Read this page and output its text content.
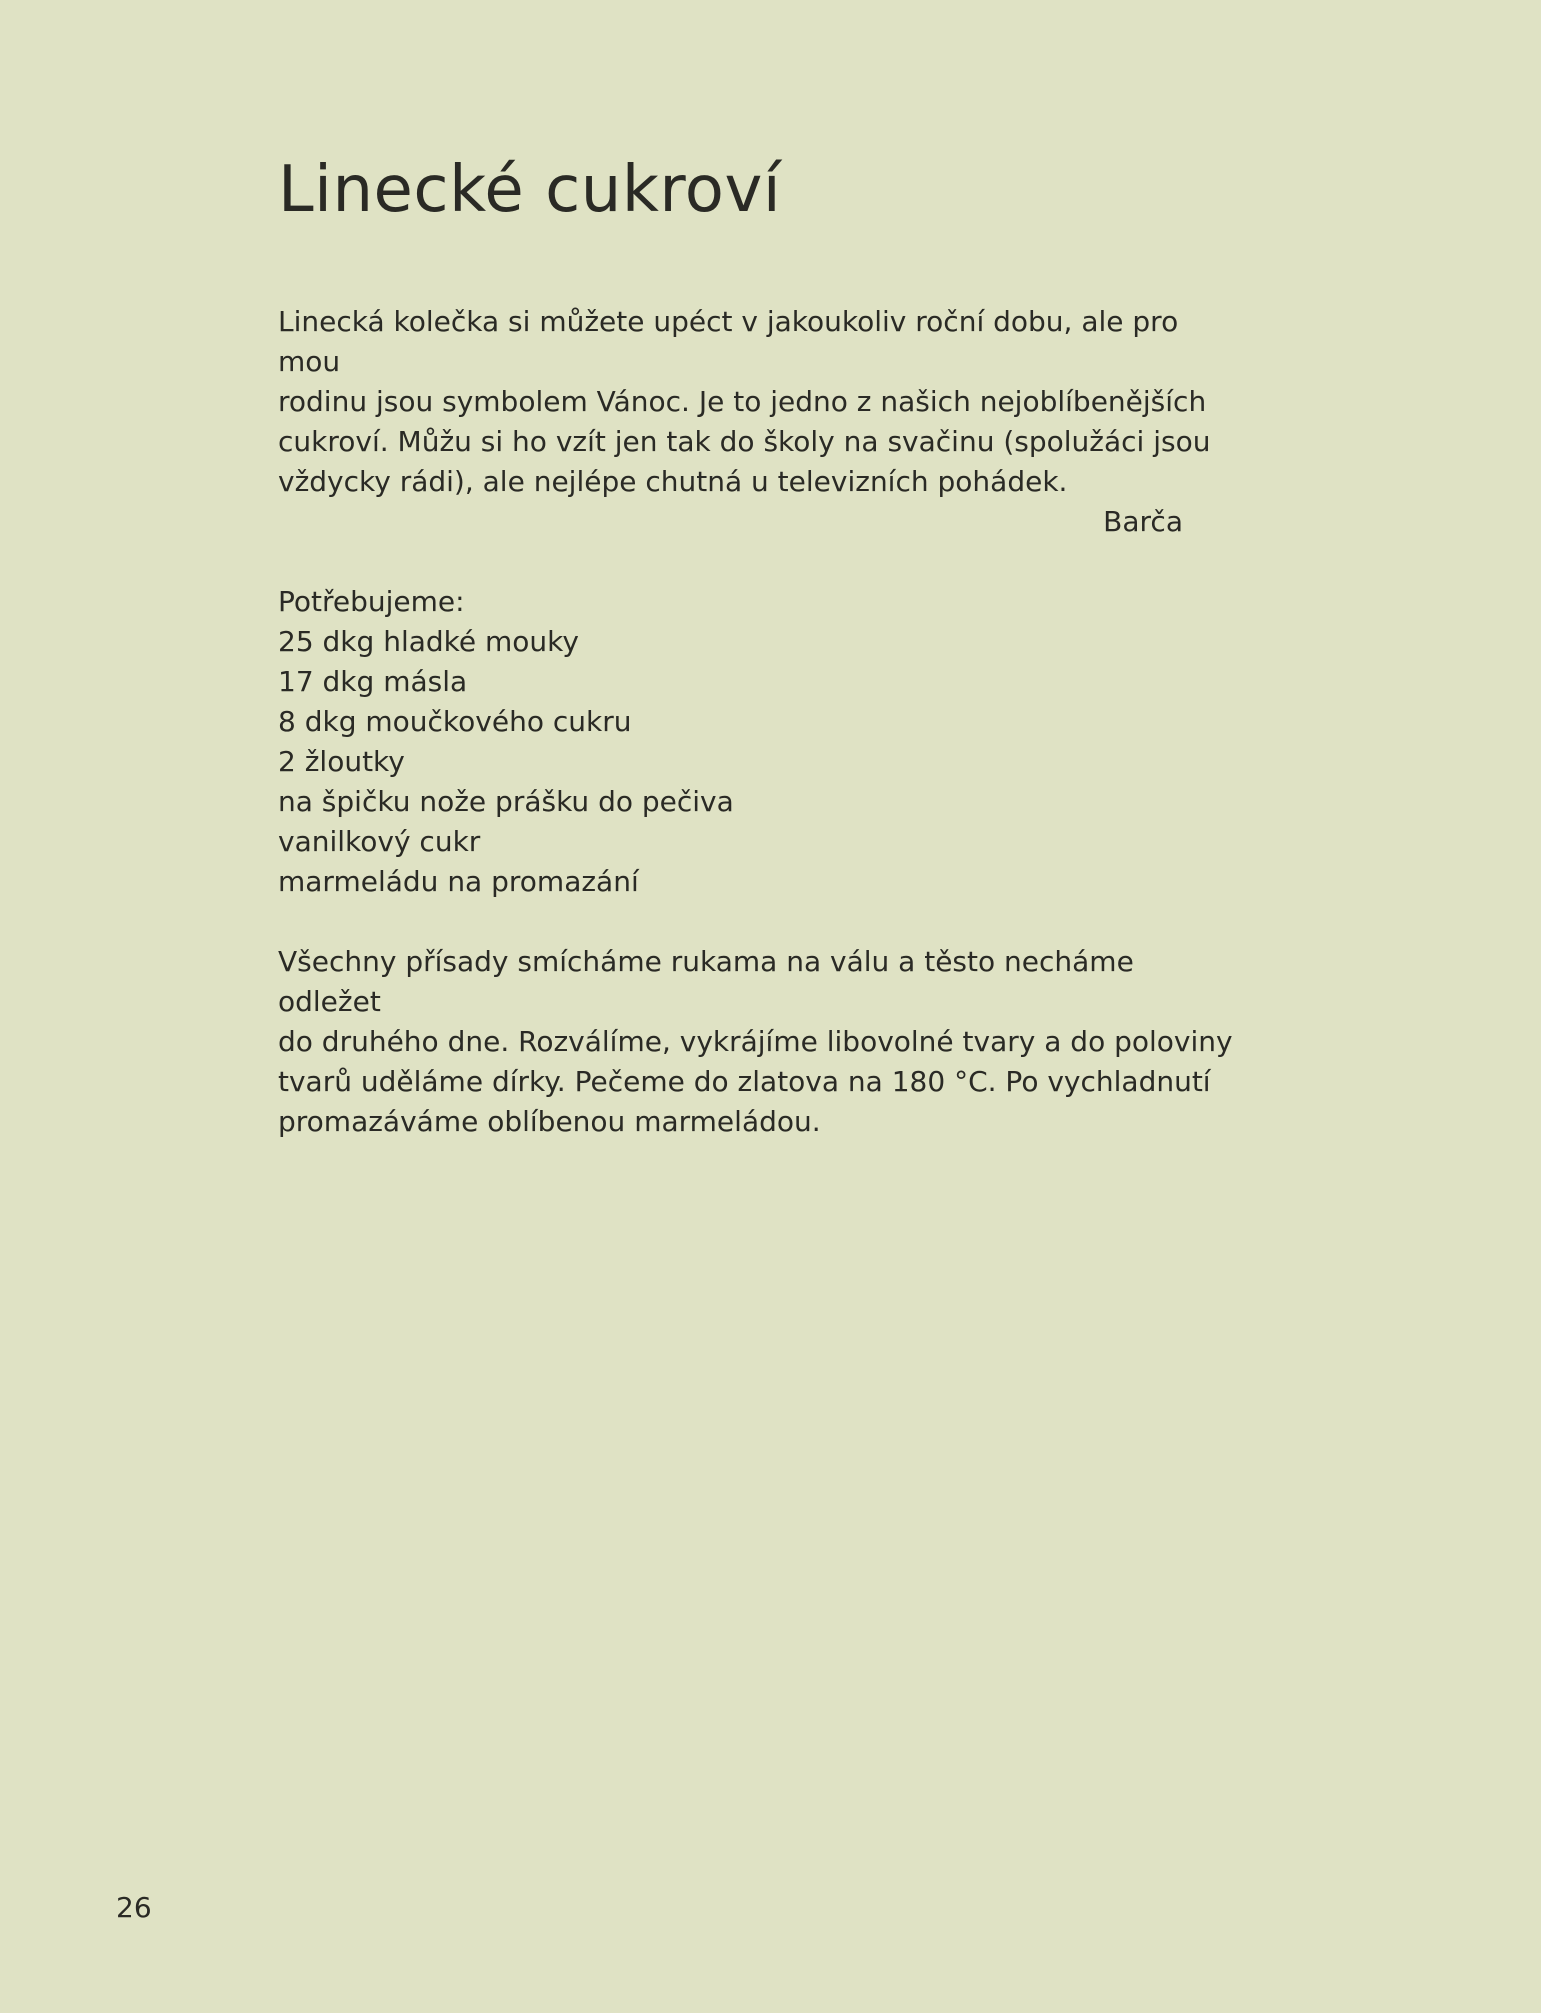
Linecké cukroví

Linecká kolečka si můžete upéct v jakoukoliv roční dobu, ale pro mou

rodinu jsou symbolem Vánoc. Je to jedno z našich nejoblíbenějších

cukroví. Můžu si ho vzít jen tak do školy na svačinu (spolužáci jsou

vždycky rádi), ale nejlépe chutná u televizních pohádek.

Barča

Potřebujeme:

25 dkg hladké mouky
17 dkg másla
8 dkg moučkového cukru
2 žloutky
na špičku nože prášku do pečiva
vanilkový cukr
marmeládu na promazání
Všechny přísady smícháme rukama na válu a těsto necháme odležet
do druhého dne. Rozválíme, vykrájíme libovolné tvary a do poloviny
tvarů uděláme dírky. Pečeme do zlatova na 180 °C. Po vychladnutí
promazáváme oblíbenou marmeládou.
26
